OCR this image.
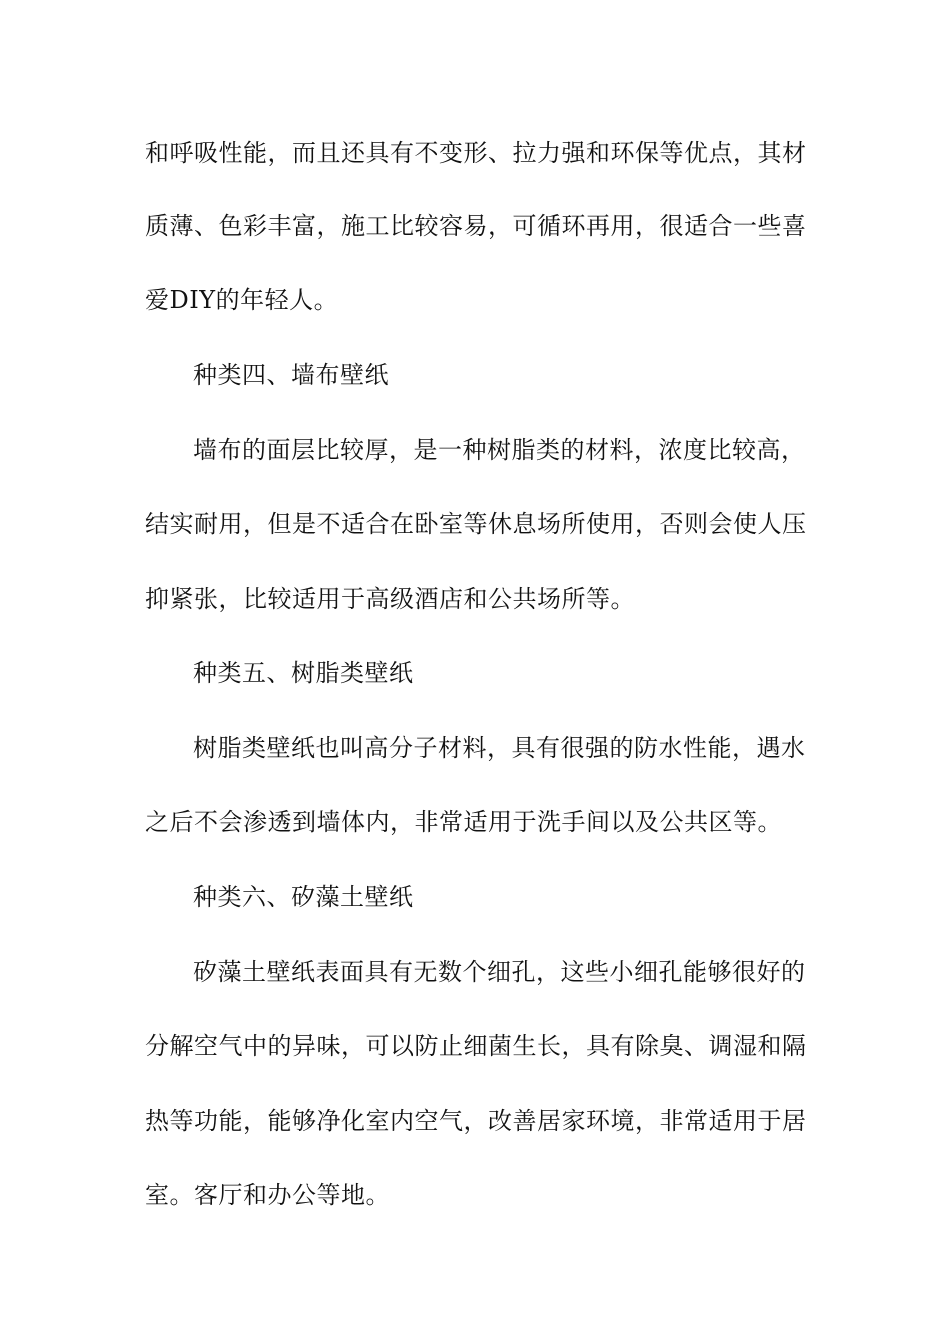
和呼吸性能，而且还具有不变形、拉力强和环保等优点，其材
质薄、色彩丰富，施工比较容易，可循环再用，很适合一些喜
爱DIY的年轻人。
种类四、墙布壁纸
墙布的面层比较厚，是一种树脂类的材料，浓度比较高，
结实耐用，但是不适合在卧室等休息场所使用，否则会使人压
抑紧张，比较适用于高级酒店和公共场所等。
种类五、树脂类壁纸
树脂类壁纸也叫高分子材料，具有很强的防水性能，遇水
之后不会渗透到墙体内，非常适用于洗手间以及公共区等。
种类六、矽藻土壁纸
矽藻土壁纸表面具有无数个细孔，这些小细孔能够很好的
分解空气中的异味，可以防止细菌生长，具有除臭、调湿和隔
热等功能，能够净化室内空气，改善居家环境，非常适用于居
室。客厅和办公等地。
